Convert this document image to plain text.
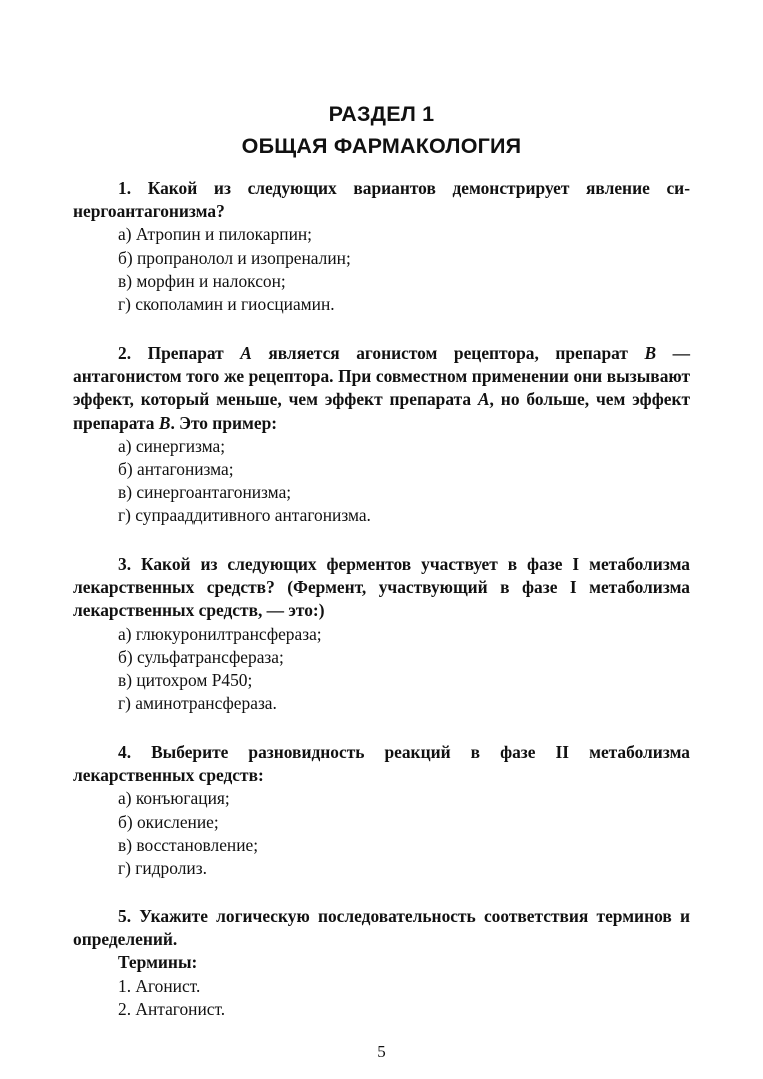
РАЗДЕЛ 1
ОБЩАЯ ФАРМАКОЛОГИЯ

1. Какой из следующих вариантов демонстрирует явление синергоантагонизма?

а) Атропин и пилокарпин;
б) пропранолол и изопреналин;
в) морфин и налоксон;
г) скополамин и гиосциамин.

2. Препарат А является агонистом рецептора, препарат В — антагонистом того же рецептора. При совместном применении они вызывают эффект, который меньше, чем эффект препарата А, но больше, чем эффект препарата В. Это пример:

а) синергизма;
б) антагонизма;
в) синергоантагонизма;
г) супрааддитивного антагонизма.

3. Какой из следующих ферментов участвует в фазе I метаболизма лекарственных средств? (Фермент, участвующий в фазе I метаболизма лекарственных средств, — это:)

а) глюкуронилтрансфераза;
б) сульфатрансфераза;
в) цитохром Р450;
г) аминотрансфераза.

4. Выберите разновидность реакций в фазе II метаболизма лекарственных средств:

а) конъюгация;
б) окисление;
в) восстановление;
г) гидролиз.

5. Укажите логическую последовательность соответствия терминов и определений.

Термины:

1. Агонист.
2. Антагонист.
5
